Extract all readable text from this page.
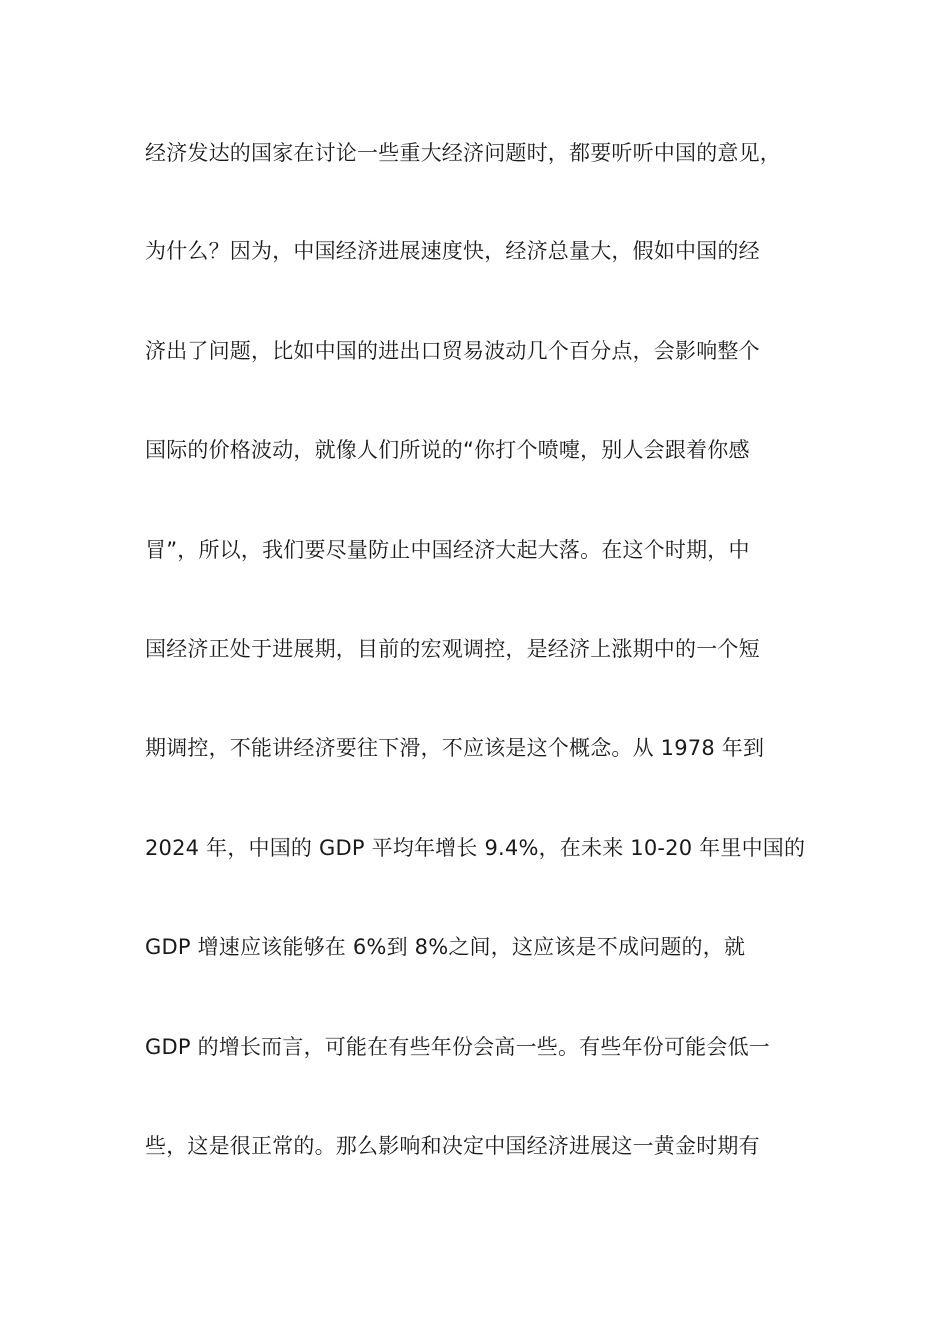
经济发达的国家在讨论一些重大经济问题时，都要听听中国的意见，
为什么？因为，中国经济进展速度快，经济总量大，假如中国的经
济出了问题，比如中国的进出口贸易波动几个百分点，会影响整个
国际的价格波动，就像人们所说的“你打个喷嚏，别人会跟着你感
冒”，所以，我们要尽量防止中国经济大起大落。在这个时期，中
国经济正处于进展期，目前的宏观调控，是经济上涨期中的一个短
期调控，不能讲经济要往下滑，不应该是这个概念。从 1978 年到
2024 年，中国的 GDP 平均年增长 9.4%，在未来 10-20 年里中国的
GDP 增速应该能够在 6%到 8%之间，这应该是不成问题的，就
GDP 的增长而言，可能在有些年份会高一些。有些年份可能会低一
些，这是很正常的。那么影响和决定中国经济进展这一黄金时期有
